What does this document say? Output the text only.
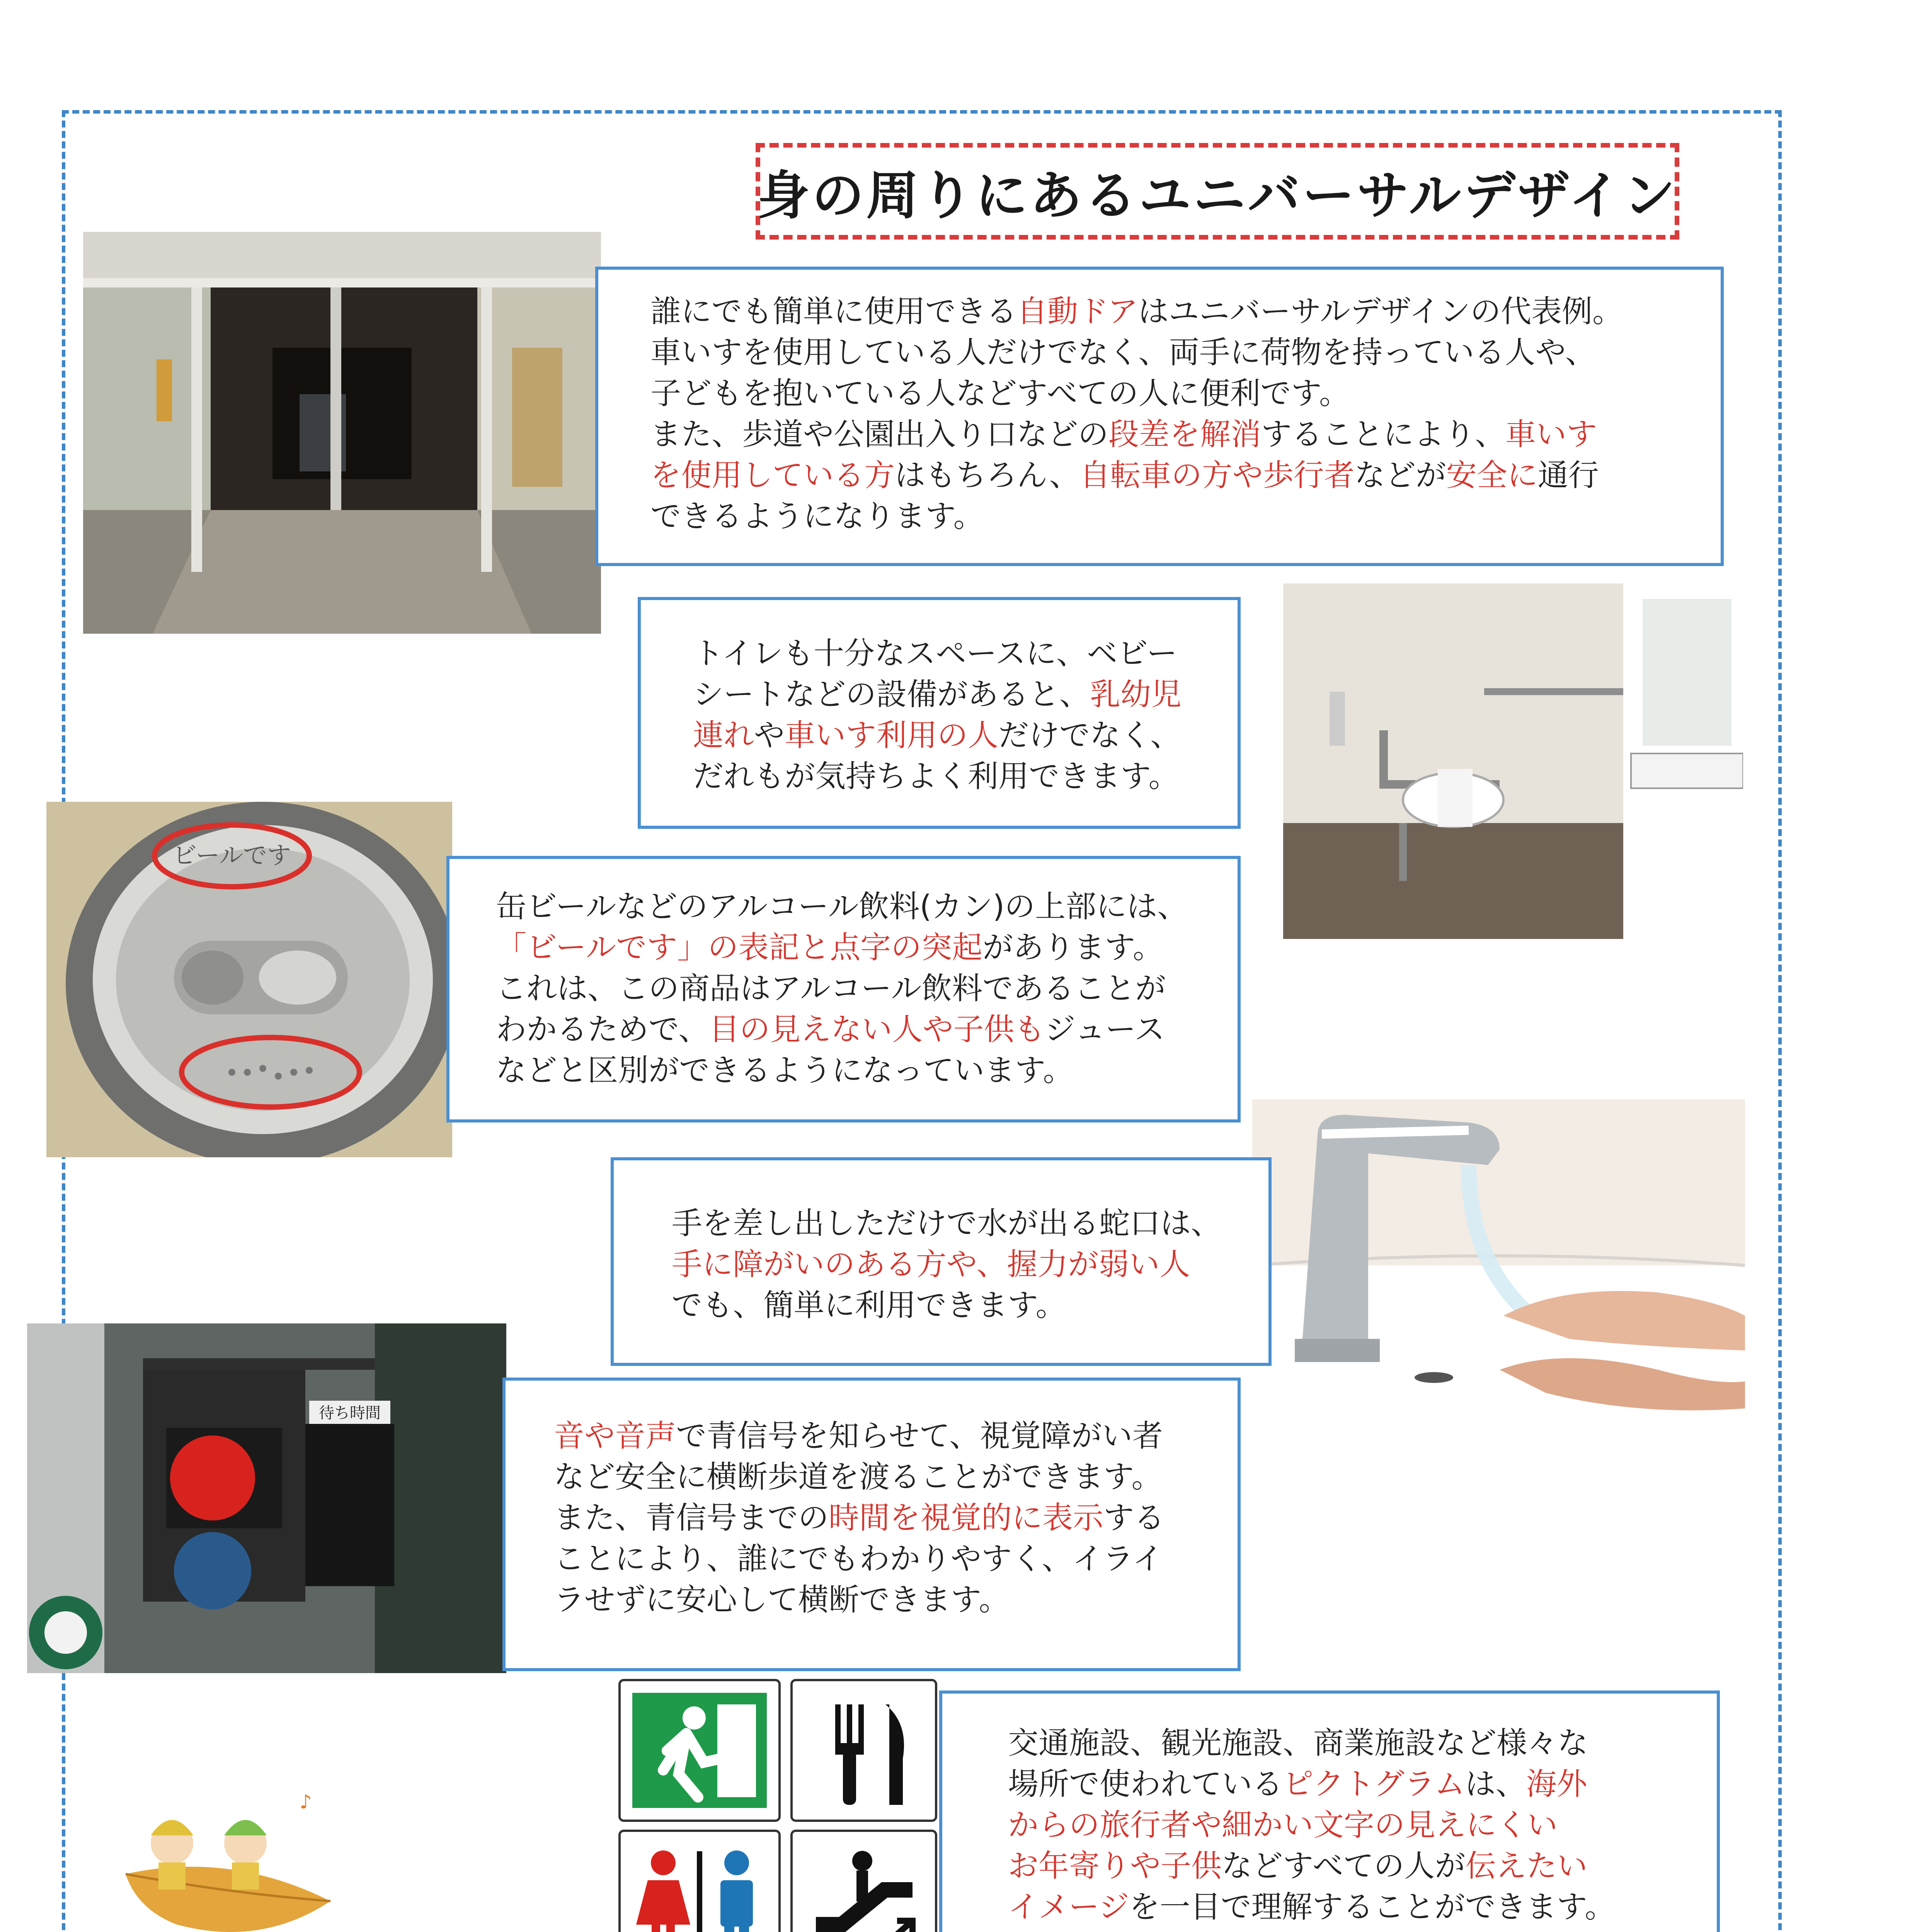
身の周りにあるユニバーサルデザイン
誰にでも簡単に使用できる自動ドアはユニバーサルデザインの代表例。
車いすを使用している人だけでなく、両手に荷物を持っている人や、
子どもを抱いている人などすべての人に便利です。
また、歩道や公園出入り口などの段差を解消することにより、車いす
を使用している方はもちろん、自転車の方や歩行者などが安全に通行
できるようになります。
トイレも十分なスペースに、ベビー
シートなどの設備があると、乳幼児
連れや車いす利用の人だけでなく、
だれもが気持ちよく利用できます。
ビールです
缶ビールなどのアルコール飲料(カン)の上部には、
「ビールです」の表記と点字の突起があります。
これは、この商品はアルコール飲料であることが
わかるためで、目の見えない人や子供もジュース
などと区別ができるようになっています。
手を差し出しただけで水が出る蛇口は、
手に障がいのある方や、握力が弱い人
でも、簡単に利用できます。
待ち時間
音や音声で青信号を知らせて、視覚障がい者
など安全に横断歩道を渡ることができます。
また、青信号までの時間を視覚的に表示する
ことにより、誰にでもわかりやすく、イライ
ラせずに安心して横断できます。
交通施設、観光施設、商業施設など様々な
場所で使われているピクトグラムは、海外
からの旅行者や細かい文字の見えにくい
お年寄りや子供などすべての人が伝えたい
イメージを一目で理解することができます。
♪
